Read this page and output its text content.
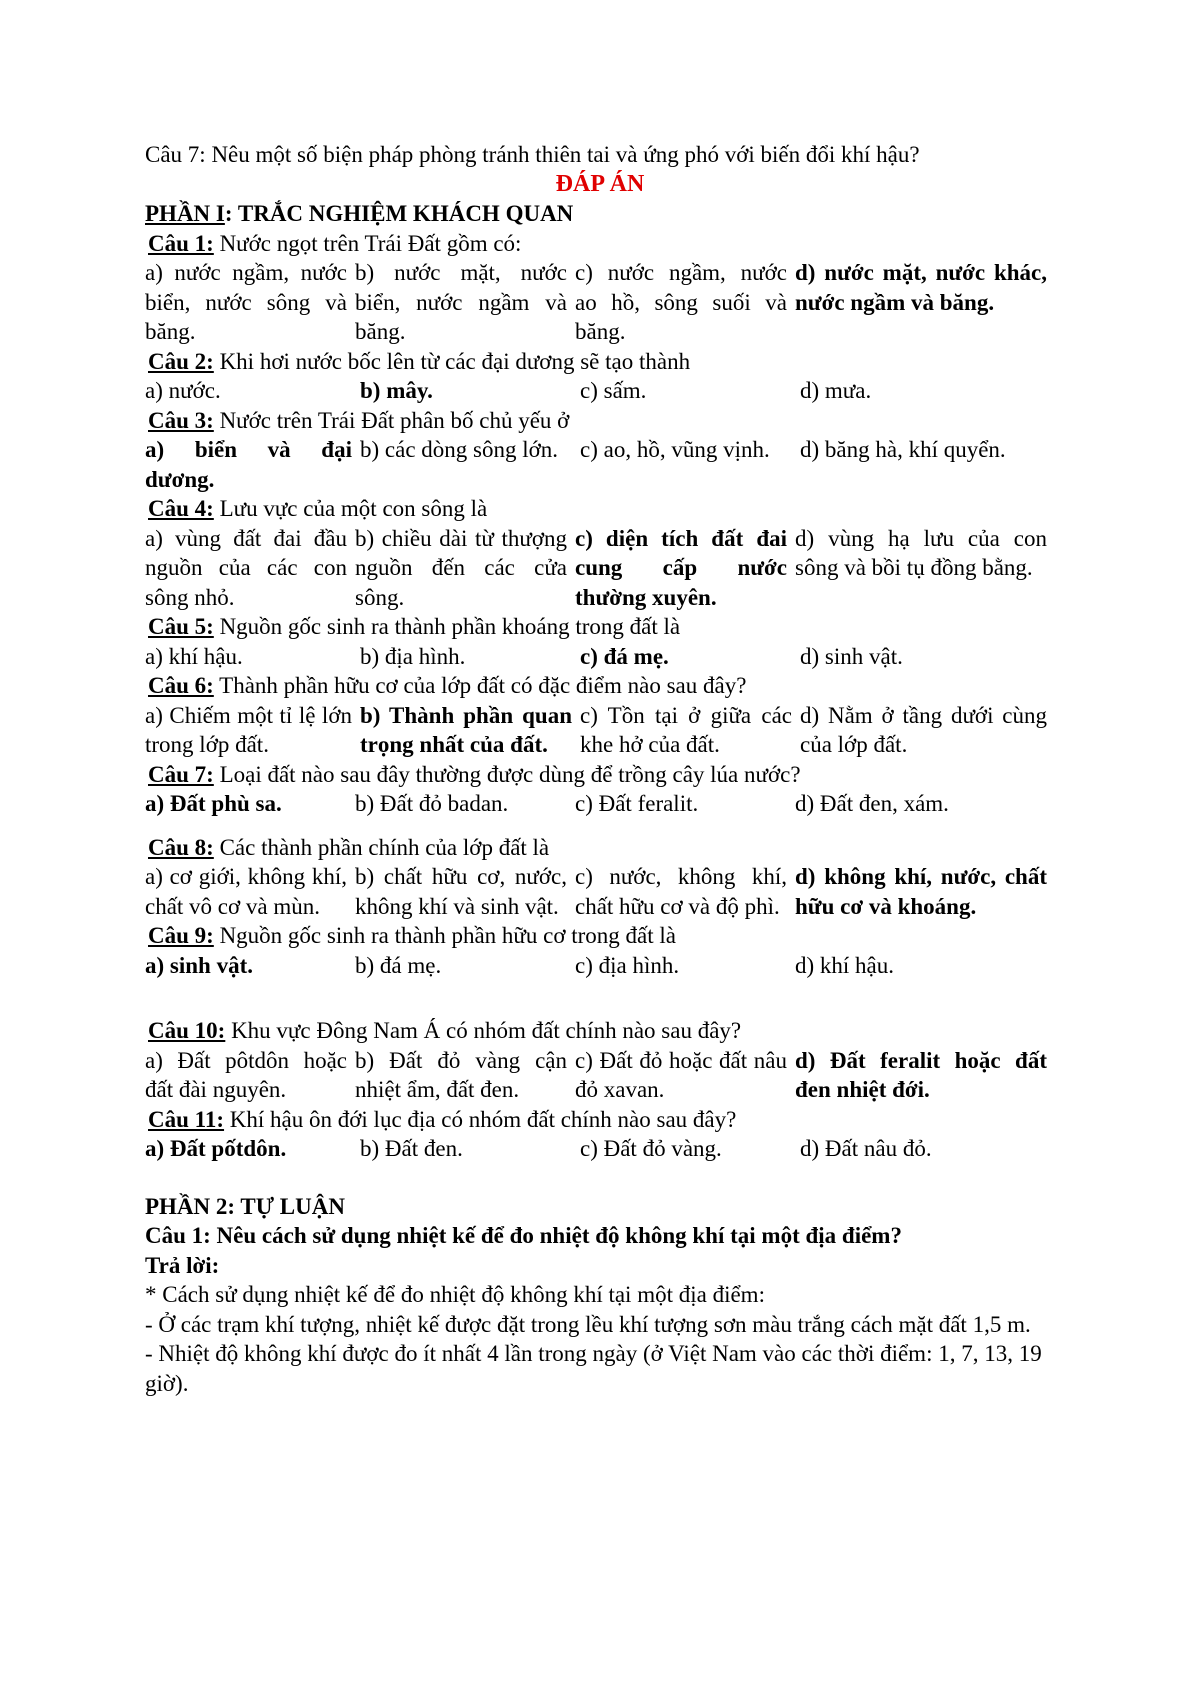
Câu 7: Nêu một số biện pháp phòng tránh thiên tai và ứng phó với biến đổi khí hậu?
ĐÁP ÁN
PHẦN I: TRẮC NGHIỆM KHÁCH QUAN
Câu 1: Nước ngọt trên Trái Đất gồm có:
a) nước ngầm, nước biển, nước sông và băng.
b) nước mặt, nước biển, nước ngầm và băng.
c) nước ngầm, nước ao hồ, sông suối và băng.
d) nước mặt, nước khác, nước ngầm và băng.
Câu 2: Khi hơi nước bốc lên từ các đại dương sẽ tạo thành
a) nước.	b) mây.	c) sấm.	d) mưa.
Câu 3: Nước trên Trái Đất phân bố chủ yếu ở
a) biển và đại dương.
b) các dòng sông lớn. c) ao, hồ, vũng vịnh.	d) băng hà, khí quyển.
Câu 4: Lưu vực của một con sông là
a) vùng đất đai đầu nguồn của các con sông nhỏ.
b) chiều dài từ thượng nguồn đến các cửa sông.
c) diện tích đất đai cung cấp nước thường xuyên.
d) vùng hạ lưu của con sông và bồi tụ đồng bằng.
Câu 5: Nguồn gốc sinh ra thành phần khoáng trong đất là
a) khí hậu.	b) địa hình.	c) đá mẹ.	d) sinh vật.
Câu 6: Thành phần hữu cơ của lớp đất có đặc điểm nào sau đây?
a) Chiếm một tỉ lệ lớn trong lớp đất.
b) Thành phần quan trọng nhất của đất.
c) Tồn tại ở giữa các khe hở của đất.
d) Nằm ở tầng dưới cùng của lớp đất.
Câu 7: Loại đất nào sau đây thường được dùng để trồng cây lúa nước?
a) Đất phù sa.	b) Đất đỏ badan.	c) Đất feralit.	d) Đất đen, xám.
Câu 8: Các thành phần chính của lớp đất là
a) cơ giới, không khí, chất vô cơ và mùn.
b) chất hữu cơ, nước, không khí và sinh vật.
c) nước, không khí, chất hữu cơ và độ phì.
d) không khí, nước, chất hữu cơ và khoáng.
Câu 9: Nguồn gốc sinh ra thành phần hữu cơ trong đất là
a) sinh vật.	b) đá mẹ.	c) địa hình.	d) khí hậu.
Câu 10: Khu vực Đông Nam Á có nhóm đất chính nào sau đây?
a) Đất pôtdôn hoặc đất đài nguyên.
b) Đất đỏ vàng cận nhiệt ẩm, đất đen.
c) Đất đỏ hoặc đất nâu đỏ xavan.
d) Đất feralit hoặc đất đen nhiệt đới.
Câu 11: Khí hậu ôn đới lục địa có nhóm đất chính nào sau đây?
a) Đất pốtdôn.	b) Đất đen.	c) Đất đỏ vàng.	d) Đất nâu đỏ.
PHẦN 2: TỰ LUẬN
Câu 1: Nêu cách sử dụng nhiệt kế để đo nhiệt độ không khí tại một địa điểm?
Trả lời:
* Cách sử dụng nhiệt kế để đo nhiệt độ không khí tại một địa điểm:
- Ở các trạm khí tượng, nhiệt kế được đặt trong lều khí tượng sơn màu trắng cách mặt đất 1,5 m.
- Nhiệt độ không khí được đo ít nhất 4 lần trong ngày (ở Việt Nam vào các thời điểm: 1, 7, 13, 19 giờ).
